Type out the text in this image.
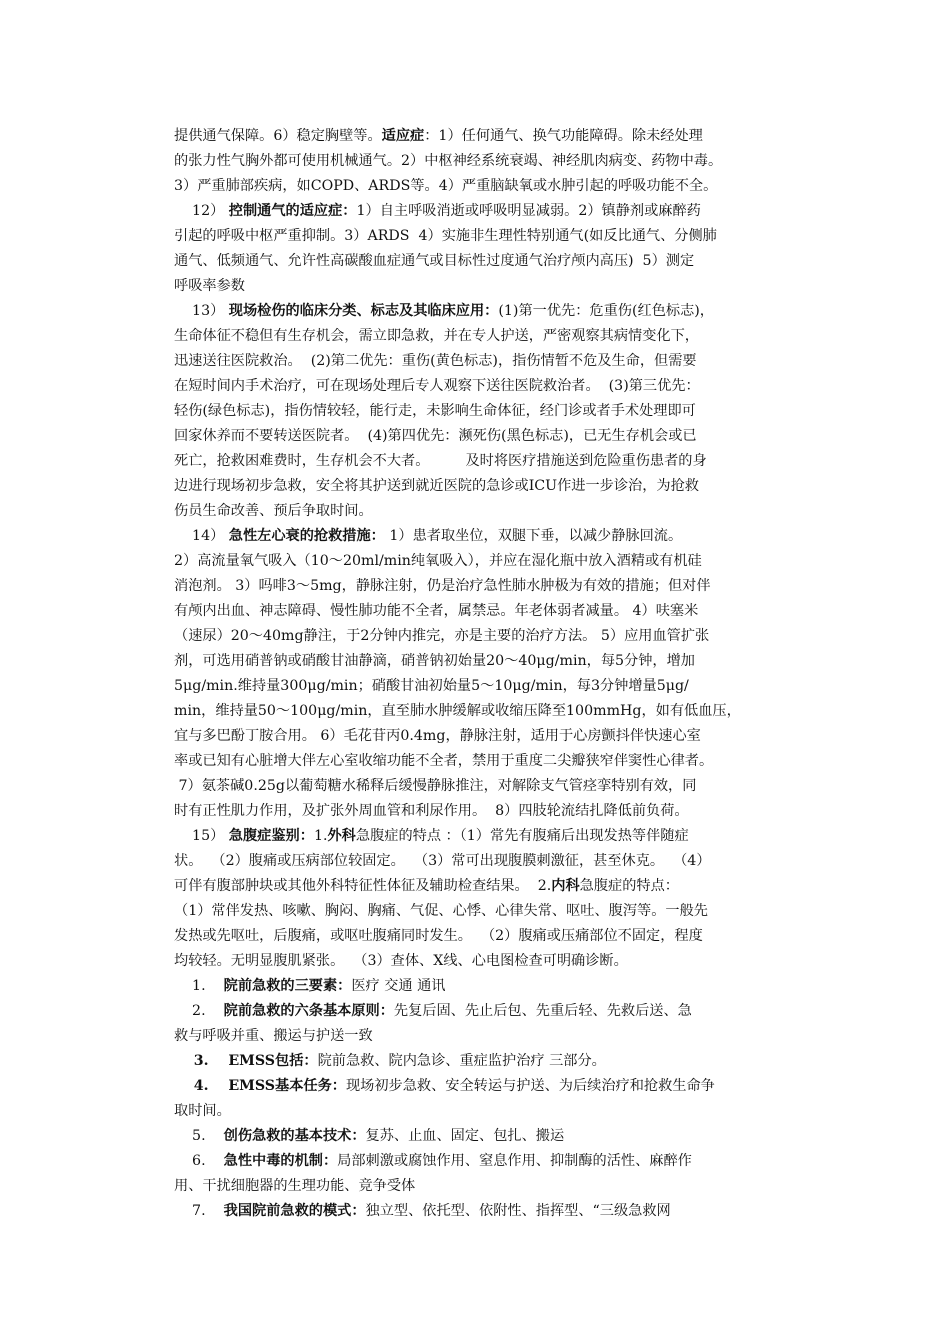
提供通气保障。6）稳定胸壁等。适应症：1）任何通气、换气功能障碍。除未经处理
的张力性气胸外都可使用机械通气。2）中枢神经系统衰竭、神经肌肉病变、药物中毒。
3）严重肺部疾病，如COPD、ARDS等。4）严重脑缺氧或水肿引起的呼吸功能不全。
12） 控制通气的适应症：1）自主呼吸消逝或呼吸明显减弱。2）镇静剂或麻醉药
引起的呼吸中枢严重抑制。3）ARDS  4）实施非生理性特别通气(如反比通气、分侧肺
通气、低频通气、允许性高碳酸血症通气或目标性过度通气治疗颅内高压)  5）测定
呼吸率参数
13） 现场检伤的临床分类、标志及其临床应用：(1)第一优先：危重伤(红色标志)，
生命体征不稳但有生存机会，需立即急救，并在专人护送，严密观察其病情变化下，
迅速送往医院救治。  (2)第二优先：重伤(黄色标志)，指伤情暂不危及生命，但需要
在短时间内手术治疗，可在现场处理后专人观察下送往医院救治者。  (3)第三优先：
轻伤(绿色标志)，指伤情较轻，能行走，未影响生命体征，经门诊或者手术处理即可
回家休养而不要转送医院者。  (4)第四优先：濒死伤(黑色标志)，已无生存机会或已
死亡，抢救困难费时，生存机会不大者。        及时将医疗措施送到危险重伤患者的身
边进行现场初步急救，安全将其护送到就近医院的急诊或ICU作进一步诊治，为抢救
伤员生命改善、预后争取时间。
14） 急性左心衰的抢救措施： 1）患者取坐位，双腿下垂，以减少静脉回流。
2）高流量氧气吸入（10～20ml/min纯氧吸入），并应在湿化瓶中放入酒精或有机硅
消泡剂。 3）吗啡3～5mg，静脉注射，仍是治疗急性肺水肿极为有效的措施；但对伴
有颅内出血、神志障碍、慢性肺功能不全者，属禁忌。年老体弱者减量。 4）呋塞米
（速尿）20～40mg静注，于2分钟内推完，亦是主要的治疗方法。 5）应用血管扩张
剂，可选用硝普钠或硝酸甘油静滴，硝普钠初始量20～40μg/min，每5分钟，增加
5μg/min.维持量300μg/min；硝酸甘油初始量5～10μg/min，每3分钟增量5μg/
min，维持量50～100μg/min，直至肺水肿缓解或收缩压降至100mmHg，如有低血压，
宜与多巴酚丁胺合用。 6）毛花苷丙0.4mg，静脉注射，适用于心房颤抖伴快速心室
率或已知有心脏增大伴左心室收缩功能不全者，禁用于重度二尖瓣狭窄伴窦性心律者。
7）氨茶碱0.25g以葡萄糖水稀释后缓慢静脉推注，对解除支气管痉挛特别有效，同
时有正性肌力作用，及扩张外周血管和利尿作用。  8）四肢轮流结扎降低前负荷。
15） 急腹症鉴别：1.外科急腹症的特点 ：（1）常先有腹痛后出现发热等伴随症
状。  （2）腹痛或压病部位较固定。  （3）常可出现腹膜刺激征，甚至休克。  （4）
可伴有腹部肿块或其他外科特征性体征及辅助检查结果。  2.内科急腹症的特点：
（1）常伴发热、咳嗽、胸闷、胸痛、气促、心悸、心律失常、呕吐、腹泻等。一般先
发热或先呕吐，后腹痛，或呕吐腹痛同时发生。  （2）腹痛或压痛部位不固定，程度
均较轻。无明显腹肌紧张。  （3）查体、X线、心电图检查可明确诊断。
1.    院前急救的三要素：医疗 交通 通讯
2.    院前急救的六条基本原则：先复后固、先止后包、先重后轻、先救后送、急
救与呼吸并重、搬运与护送一致
3.    EMSS包括：院前急救、院内急诊、重症监护治疗 三部分。
4.    EMSS基本任务：现场初步急救、安全转运与护送、为后续治疗和抢救生命争
取时间。
5.    创伤急救的基本技术：复苏、止血、固定、包扎、搬运
6.    急性中毒的机制：局部刺激或腐蚀作用、窒息作用、抑制酶的活性、麻醉作
用、干扰细胞器的生理功能、竞争受体
7.    我国院前急救的模式：独立型、依托型、依附性、指挥型、“三级急救网
